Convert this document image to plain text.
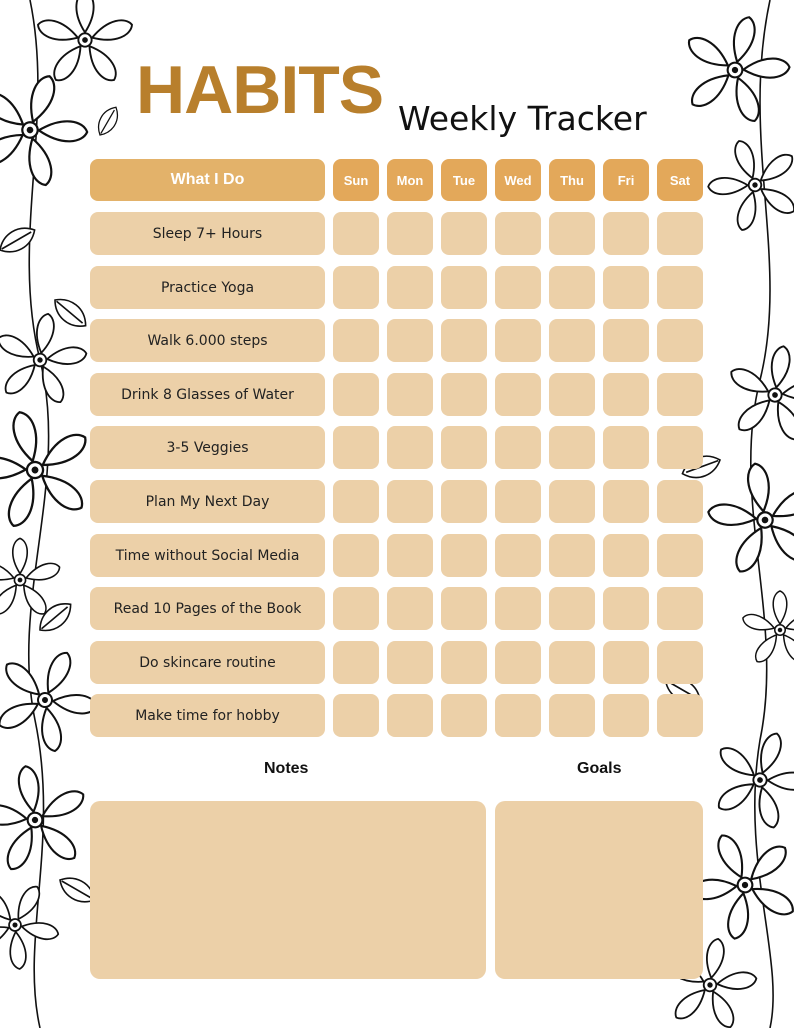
HABITS Weekly Tracker
What I Do	Sun	Mon	Tue	Wed	Thu	Fri	Sat
Sleep 7+ Hours
Practice Yoga
Walk 6.000 steps
Drink 8 Glasses of Water
3-5 Veggies
Plan My Next Day
Time without Social Media
Read 10 Pages of the Book
Do skincare routine
Make time for hobby
Notes	Goals
